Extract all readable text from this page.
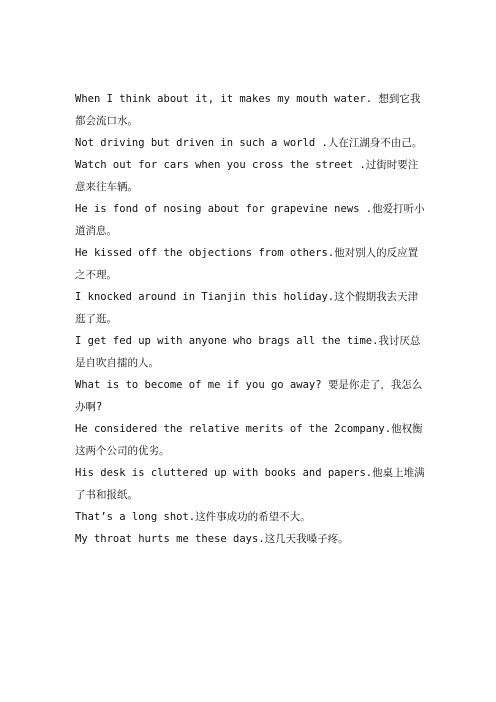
When I think about it, it makes my mouth water. 想到它我都会流口水。

Not driving but driven in such a world .人在江湖身不由己。

Watch out for cars when you cross the street .过街时要注意来往车辆。

He is fond of nosing about for grapevine news .他爱打听小道消息。

He kissed off the objections from others.他对别人的反应置之不理。

I knocked around in Tianjin this holiday.这个假期我去天津逛了逛。

I get fed up with anyone who brags all the time.我讨厌总是自吹自擂的人。

What is to become of me if you go away? 要是你走了，我怎么办啊?

He considered the relative merits of the 2company.他权衡这两个公司的优劣。

His desk is cluttered up with books and papers.他桌上堆满了书和报纸。

That’s a long shot.这件事成功的希望不大。

My throat hurts me these days.这几天我嗓子疼。
